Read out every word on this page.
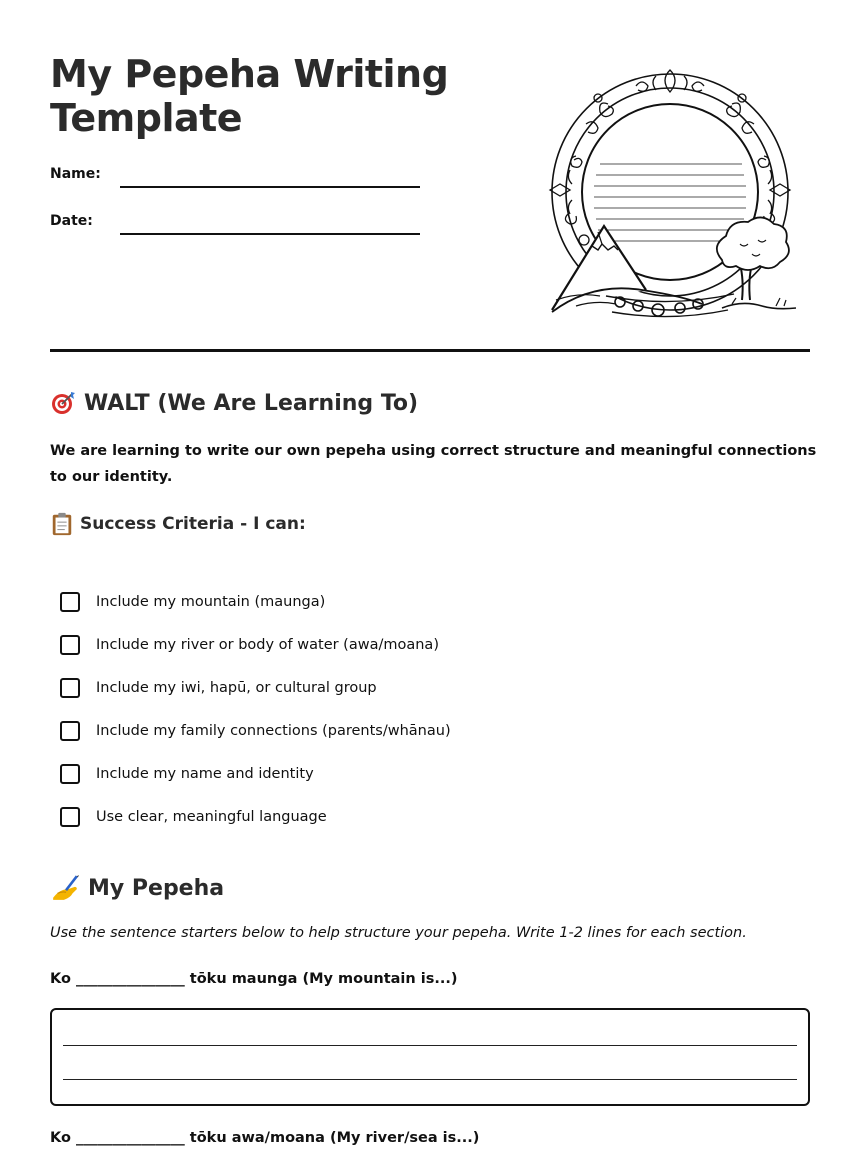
My Pepeha Writing Template
Name:
Date:
WALT (We Are Learning To)
We are learning to write our own pepeha using correct structure and meaningful connections to our identity.
Success Criteria - I can:
Include my mountain (maunga)
Include my river or body of water (awa/moana)
Include my iwi, hapū, or cultural group
Include my family connections (parents/whānau)
Include my name and identity
Use clear, meaningful language
My Pepeha
Use the sentence starters below to help structure your pepeha. Write 1-2 lines for each section.
Ko _______________ tōku maunga (My mountain is...)
Ko _______________ tōku awa/moana (My river/sea is...)
